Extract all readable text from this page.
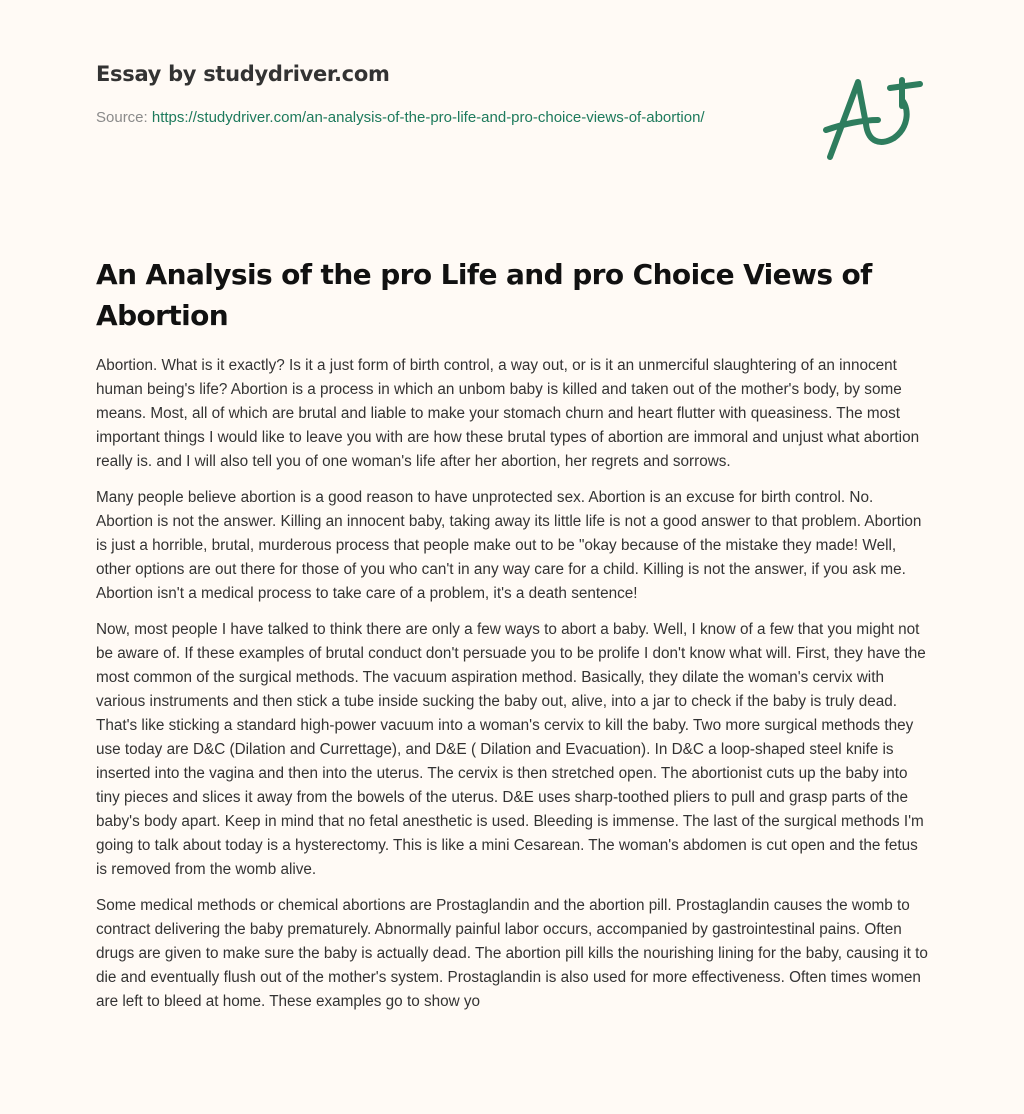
Essay by studydriver.com
Source: https://studydriver.com/an-analysis-of-the-pro-life-and-pro-choice-views-of-abortion/
An Analysis of the pro Life and pro Choice Views of Abortion

Abortion. What is it exactly? Is it a just form of birth control, a way out, or is it an unmerciful slaughtering of an innocent human being's life? Abortion is a process in which an unbom baby is killed and taken out of the mother's body, by some means. Most, all of which are brutal and liable to make your stomach churn and heart flutter with queasiness. The most important things I would like to leave you with are how these brutal types of abortion are immoral and unjust what abortion really is. and I will also tell you of one woman's life after her abortion, her regrets and sorrows.

Many people believe abortion is a good reason to have unprotected sex. Abortion is an excuse for birth control. No. Abortion is not the answer. Killing an innocent baby, taking away its little life is not a good answer to that problem. Abortion is just a horrible, brutal, murderous process that people make out to be "okay because of the mistake they made! Well, other options are out there for those of you who can't in any way care for a child. Killing is not the answer, if you ask me. Abortion isn't a medical process to take care of a problem, it's a death sentence!

Now, most people I have talked to think there are only a few ways to abort a baby. Well, I know of a few that you might not be aware of. If these examples of brutal conduct don't persuade you to be prolife I don't know what will. First, they have the most common of the surgical methods. The vacuum aspiration method. Basically, they dilate the woman's cervix with various instruments and then stick a tube inside sucking the baby out, alive, into a jar to check if the baby is truly dead. That's like sticking a standard high-power vacuum into a woman's cervix to kill the baby. Two more surgical methods they use today are D&C (Dilation and Currettage), and D&E ( Dilation and Evacuation). In D&C a loop-shaped steel knife is inserted into the vagina and then into the uterus. The cervix is then stretched open. The abortionist cuts up the baby into tiny pieces and slices it away from the bowels of the uterus. D&E uses sharp-toothed pliers to pull and grasp parts of the baby's body apart. Keep in mind that no fetal anesthetic is used. Bleeding is immense. The last of the surgical methods I'm going to talk about today is a hysterectomy. This is like a mini Cesarean. The woman's abdomen is cut open and the fetus is removed from the womb alive.

Some medical methods or chemical abortions are Prostaglandin and the abortion pill. Prostaglandin causes the womb to contract delivering the baby prematurely. Abnormally painful labor occurs, accompanied by gastrointestinal pains. Often drugs are given to make sure the baby is actually dead. The abortion pill kills the nourishing lining for the baby, causing it to die and eventually flush out of the mother's system. Prostaglandin is also used for more effectiveness. Often times women are left to bleed at home. These examples go to show yo
